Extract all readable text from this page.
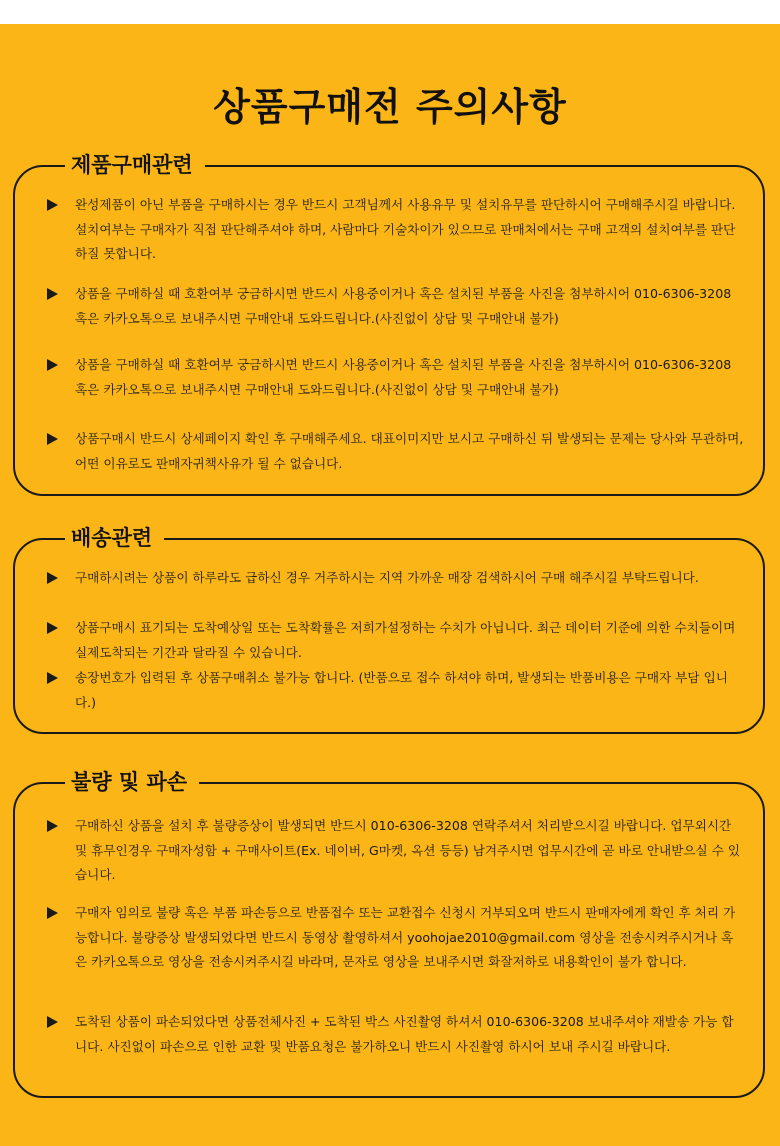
상품구매전 주의사항
제품구매관련
완성제품이 아닌 부품을 구매하시는 경우 반드시 고객님께서 사용유무 및 설치유무를 판단하시어 구매해주시길 바랍니다. 설치여부는 구매자가 직접 판단해주셔야 하며, 사람마다 기술차이가 있으므로 판매처에서는 구매 고객의 설치여부를 판단하질 못합니다.
상품을 구매하실 때 호환여부 궁금하시면 반드시 사용중이거나 혹은 설치된 부품을 사진을 첨부하시어 010-6306-3208 혹은 카카오톡으로 보내주시면 구매안내 도와드립니다.(사진없이 상담 및 구매안내 불가)
상품을 구매하실 때 호환여부 궁금하시면 반드시 사용중이거나 혹은 설치된 부품을 사진을 첨부하시어 010-6306-3208 혹은 카카오톡으로 보내주시면 구매안내 도와드립니다.(사진없이 상담 및 구매안내 불가)
상품구매시 반드시 상세페이지 확인 후 구매해주세요. 대표이미지만 보시고 구매하신 뒤 발생되는 문제는 당사와 무관하며, 어떤 이유로도 판매자귀책사유가 될 수 없습니다.
배송관련
구매하시려는 상품이 하루라도 급하신 경우 거주하시는 지역 가까운 매장 검색하시어 구매 해주시길 부탁드립니다.
상품구매시 표기되는 도착예상일 또는 도착확률은 저희가설정하는 수치가 아닙니다. 최근 데이터 기준에 의한 수치들이며 실제도착되는 기간과 달라질 수 있습니다.
송장번호가 입력된 후 상품구매취소 불가능 합니다. (반품으로 접수 하셔야 하며, 발생되는 반품비용은 구매자 부담 입니다.)
불량 및 파손
구매하신 상품을 설치 후 불량증상이 발생되면 반드시 010-6306-3208 연락주셔서 처리받으시길 바랍니다. 업무외시간 및 휴무인경우 구매자성함 + 구매사이트(Ex. 네이버, G마켓, 옥션 등등) 남겨주시면 업무시간에 곧 바로 안내받으실 수 있습니다.
구매자 임의로 불량 혹은 부품 파손등으로 반품접수 또는 교환접수 신청시 거부되오며 반드시 판매자에게 확인 후 처리 가능합니다. 불량증상 발생되었다면 반드시 동영상 촬영하셔서 yoohojae2010@gmail.com 영상을 전송시켜주시거나 혹은 카카오톡으로 영상을 전송시켜주시길 바라며, 문자로 영상을 보내주시면 화잘저하로 내용확인이 불가 합니다.
도착된 상품이 파손되었다면 상품전체사진 + 도착된 박스 사진촬영 하셔서 010-6306-3208 보내주셔야 재발송 가능 합니다. 사진없이 파손으로 인한 교환 및 반품요청은 불가하오니 반드시 사진촬영 하시어 보내 주시길 바랍니다.
